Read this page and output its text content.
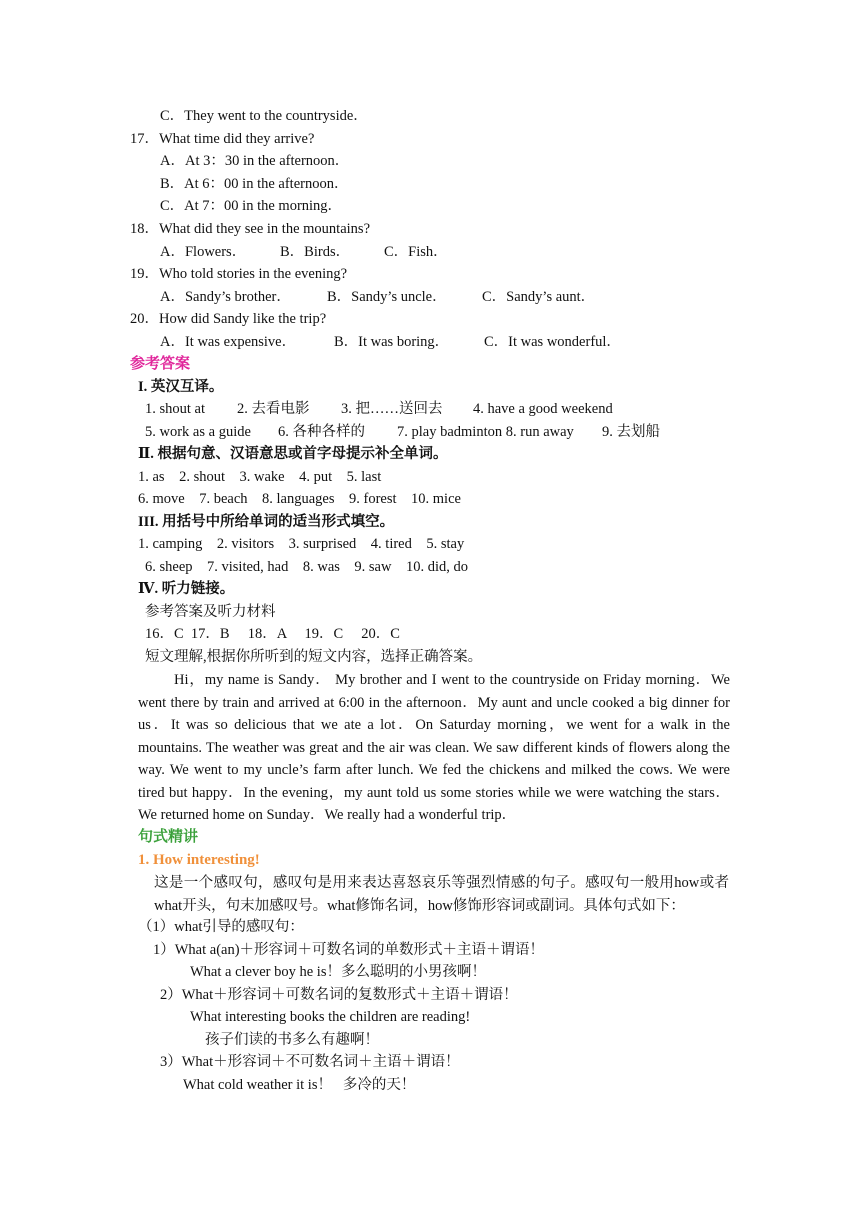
C．They went to the countryside．
17．What time did they arrive?
A．At 3：30 in the afternoon．
B．At 6：00 in the afternoon．
C．At 7：00 in the morning．
18．What did they see in the mountains?
A．Flowers． B．Birds． C．Fish．
19．Who told stories in the evening?
A．Sandy’s brother． B．Sandy’s uncle． C．Sandy’s aunt．
20．How did Sandy like the trip?
A．It was expensive．	B．It was boring． C．It was wonderful．
参考答案
I. 英汉互译。
1. shout at 2. 去看电影 3. 把……送回去 4. have a good weekend
5. work as a guide 6. 各种各样的 7. play badminton 8. run away 9. 去划船
Ⅱ. 根据句意、汉语意思或首字母提示补全单词。
1. as    2. shout    3. wake    4. put    5. last
6. move    7. beach    8. languages    9. forest    10. mice
III. 用括号中所给单词的适当形式填空。
1. camping    2. visitors    3. surprised    4. tired    5. stay
6. sheep    7. visited, had    8. was    9. saw    10. did, do
Ⅳ. 听力链接。
参考答案及听力材料
16．C  17．B     18．A     19．C     20．C
短文理解,根据你所听到的短文内容，选择正确答案。
Hi，my name is Sandy． My brother and I went to the countryside on Friday morning．We went there by train and arrived at 6:00 in the afternoon．My aunt and uncle cooked a big dinner for us．It was so delicious that we ate a lot．On Saturday morning，we went for a walk in the mountains. The weather was great and the air was clean. We saw different kinds of flowers along the way. We went to my uncle’s farm after lunch. We fed the chickens and milked the cows. We were tired but happy．In the evening，my aunt told us some stories while we were watching the stars．We returned home on Sunday．We really had a wonderful trip．
句式精讲
1. How interesting!
这是一个感叹句，感叹句是用来表达喜怒哀乐等强烈情感的句子。感叹句一般用how或者what开头，句末加感叹号。what修饰名词，how修饰形容词或副词。具体句式如下：
（1）what引导的感叹句：
1）What a(an)＋形容词＋可数名词的单数形式＋主语＋谓语！
What a clever boy he is！多么聪明的小男孩啊！
2）What＋形容词＋可数名词的复数形式＋主语＋谓语！
What interesting books the children are reading!
孩子们读的书多么有趣啊！
3）What＋形容词＋不可数名词＋主语＋谓语！
What cold weather it is！   多冷的天！
